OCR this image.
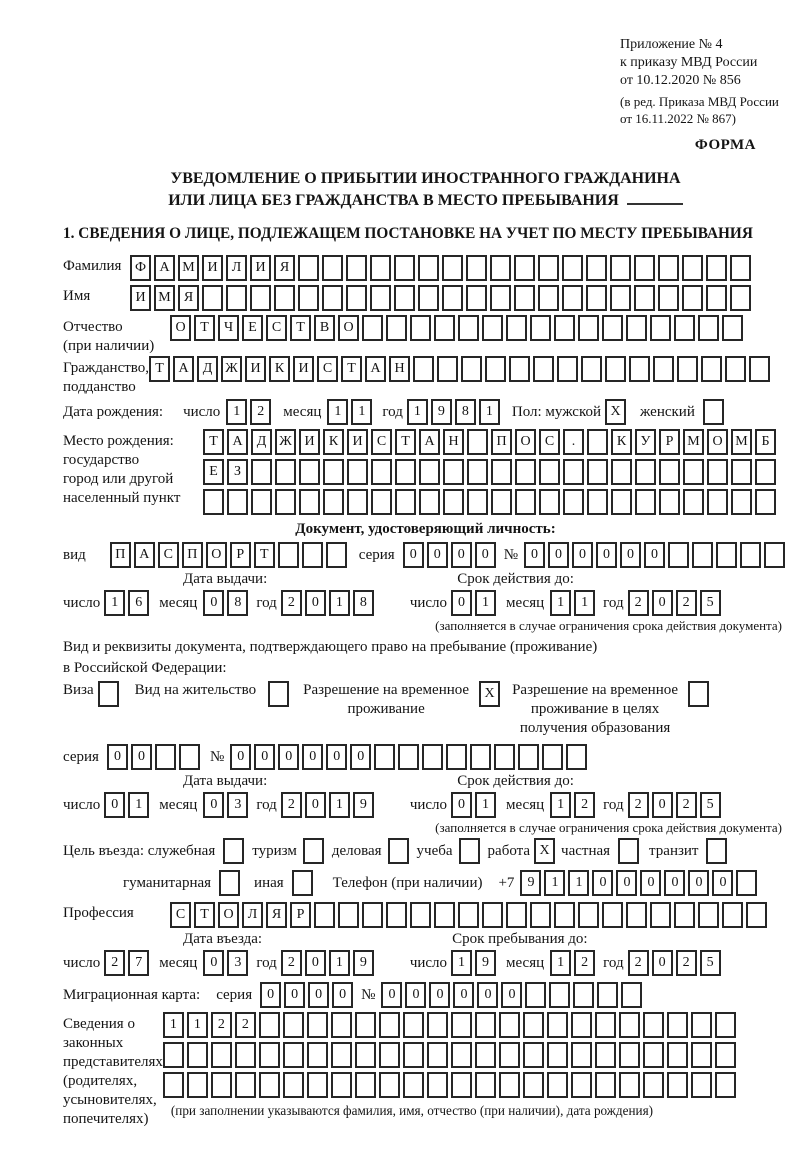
Приложение № 4
к приказу МВД России
от 10.12.2020 № 856
(в ред. Приказа МВД России
от 16.11.2022 № 867)
ФОРМА
УВЕДОМЛЕНИЕ О ПРИБЫТИИ ИНОСТРАННОГО ГРАЖДАНИНА
ИЛИ ЛИЦА БЕЗ ГРАЖДАНСТВА В МЕСТО ПРЕБЫВАНИЯ
1. СВЕДЕНИЯ О ЛИЦЕ, ПОДЛЕЖАЩЕМ ПОСТАНОВКЕ НА УЧЕТ ПО МЕСТУ ПРЕБЫВАНИЯ
Фамилия Ф А М И	Л	И	Я
Имя	И М Я
Отчество
(при наличии)
О	Т	Ч	Е	С	Т	В	О
Гражданство,
подданство
Т	А	Д Ж И	К	И	С	Т	А Н
Дата рождения: число 1	2	месяц 1	1	год 1	9	8	1	Пол: мужской X	женский
Место рождения:
государство
город или другой
населенный пункт
Т	А	Д Ж И	К	И	С	Т	А Н	П О	С	.	К	У	Р М О М Б
Е	З
Документ, удостоверяющий личность:
вид	П А	С	П О	Р	Т	серия	0	0	0	0	№ 0	0	0	0	0	0
Дата выдачи:	Срок действия до:
число 1	6	месяц 0	8	год 2	0	1	8	число 0	1	месяц 1	1	год 2	0	2	5
(заполняется в случае ограничения срока действия документа)
Вид и реквизиты документа, подтверждающего право на пребывание (проживание)
в Российской Федерации:
Виза	Вид на жительство	Разрешение на временное
проживание
X	Разрешение на временное
проживание в целях
получения образования
серия	0	0	№ 0	0	0	0	0	0
Дата выдачи:	Срок действия до:
число 0	1	месяц 0	3	год 2	0	1	9	число 0	1	месяц 1	2	год 2	0	2	5
(заполняется в случае ограничения срока действия документа)
Цель въезда: служебная туризм деловая учеба работа X частная	транзит
гуманитарная	иная	Телефон (при наличии) +7 9	1	1	0	0	0	0	0	0
Профессия	С	Т	О	Л	Я	Р
Дата въезда:	Срок пребывания до:
число 2	7	месяц 0	3	год 2	0	1	9	число 1	9	месяц 1	2	год 2	0	2	5
Миграционная карта: серия	0	0	0	0	№ 0	0	0	0	0	0
Сведения о
законных
представителях
(родителях,
усыновителях,
попечителях)
1	1	2	2
(при заполнении указываются фамилия, имя, отчество (при наличии), дата рождения)
